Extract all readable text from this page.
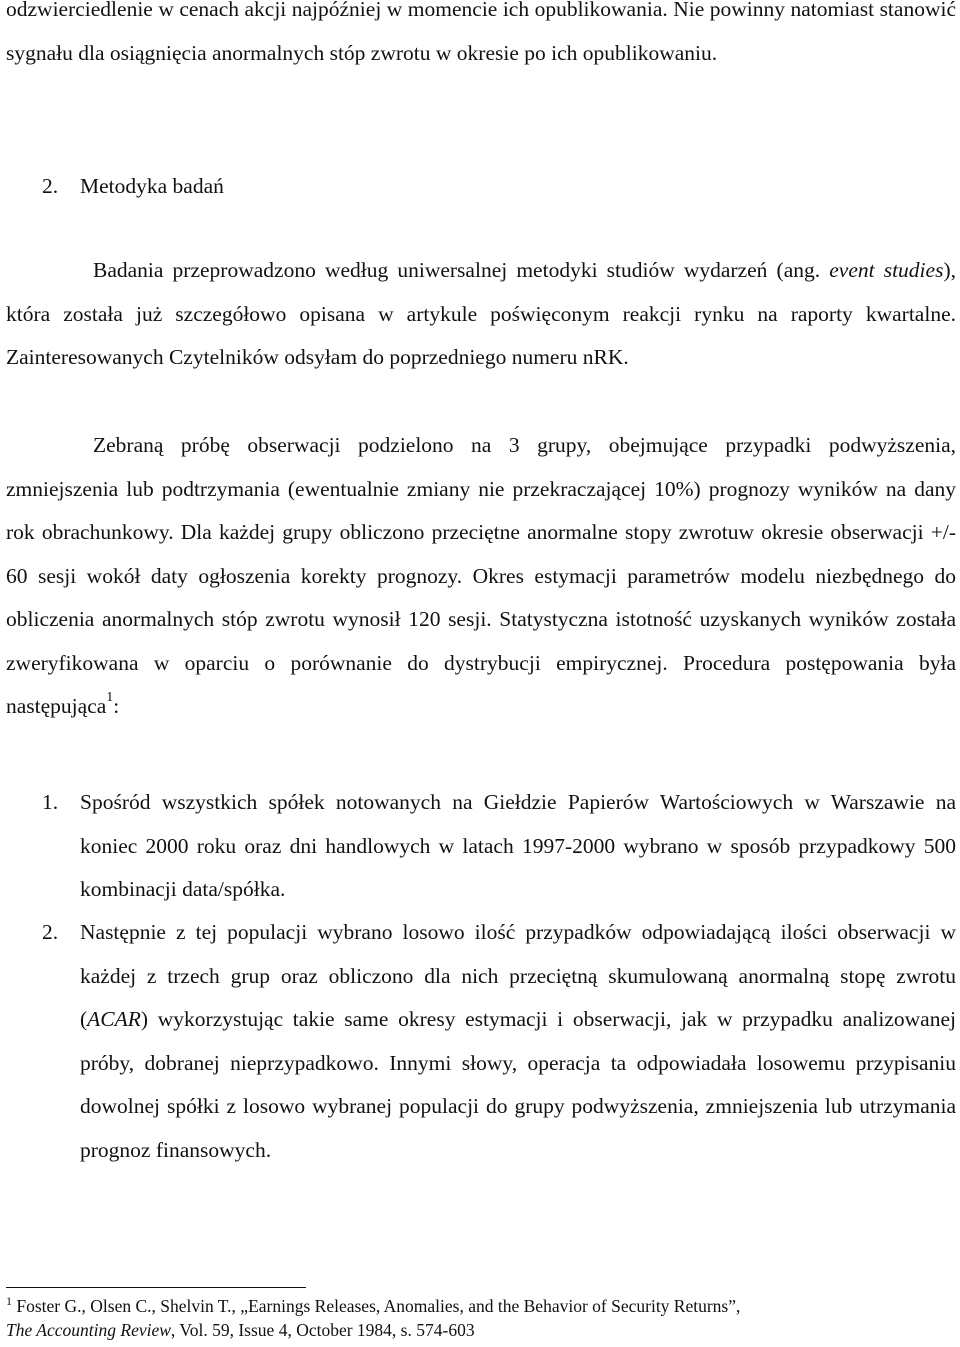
odzwierciedlenie w cenach akcji najpóźniej w momencie ich opublikowania. Nie powinny natomiast stanowić sygnału dla osiągnięcia anormalnych stóp zwrotu w okresie po ich opublikowaniu.

2. Metodyka badań

Badania przeprowadzono według uniwersalnej metodyki studiów wydarzeń (ang. event studies), która została już szczegółowo opisana w artykule poświęconym reakcji rynku na raporty kwartalne. Zainteresowanych Czytelników odsyłam do poprzedniego numeru nRK.

Zebraną próbę obserwacji podzielono na 3 grupy, obejmujące przypadki podwyższenia, zmniejszenia lub podtrzymania (ewentualnie zmiany nie przekraczającej 10%) prognozy wyników na dany rok obrachunkowy. Dla każdej grupy obliczono przeciętne anormalne stopy zwrotuw okresie obserwacji +/- 60 sesji wokół daty ogłoszenia korekty prognozy. Okres estymacji parametrów modelu niezbędnego do obliczenia anormalnych stóp zwrotu wynosił 120 sesji. Statystyczna istotność uzyskanych wyników została zweryfikowana w oparciu o porównanie do dystrybucji empirycznej. Procedura postępowania była następująca$^1$:

1. Spośród wszystkich spółek notowanych na Giełdzie Papierów Wartościowych w Warszawie na koniec 2000 roku oraz dni handlowych w latach 1997-2000 wybrano w sposób przypadkowy 500 kombinacji data/spółka.
2. Następnie z tej populacji wybrano losowo ilość przypadków odpowiadającą ilości obserwacji w każdej z trzech grup oraz obliczono dla nich przeciętną skumulowaną anormalną stopę zwrotu (ACAR) wykorzystując takie same okresy estymacji i obserwacji, jak w przypadku analizowanej próby, dobranej nieprzypadkowo. Innymi słowy, operacja ta odpowiadała losowemu przypisaniu dowolnej spółki z losowo wybranej populacji do grupy podwyższenia, zmniejszenia lub utrzymania prognoz finansowych.

$^1$ Foster G., Olsen C., Shelvin T., „Earnings Releases, Anomalies, and the Behavior of Security Returns”,
The Accounting Review, Vol. 59, Issue 4, October 1984, s. 574-603
